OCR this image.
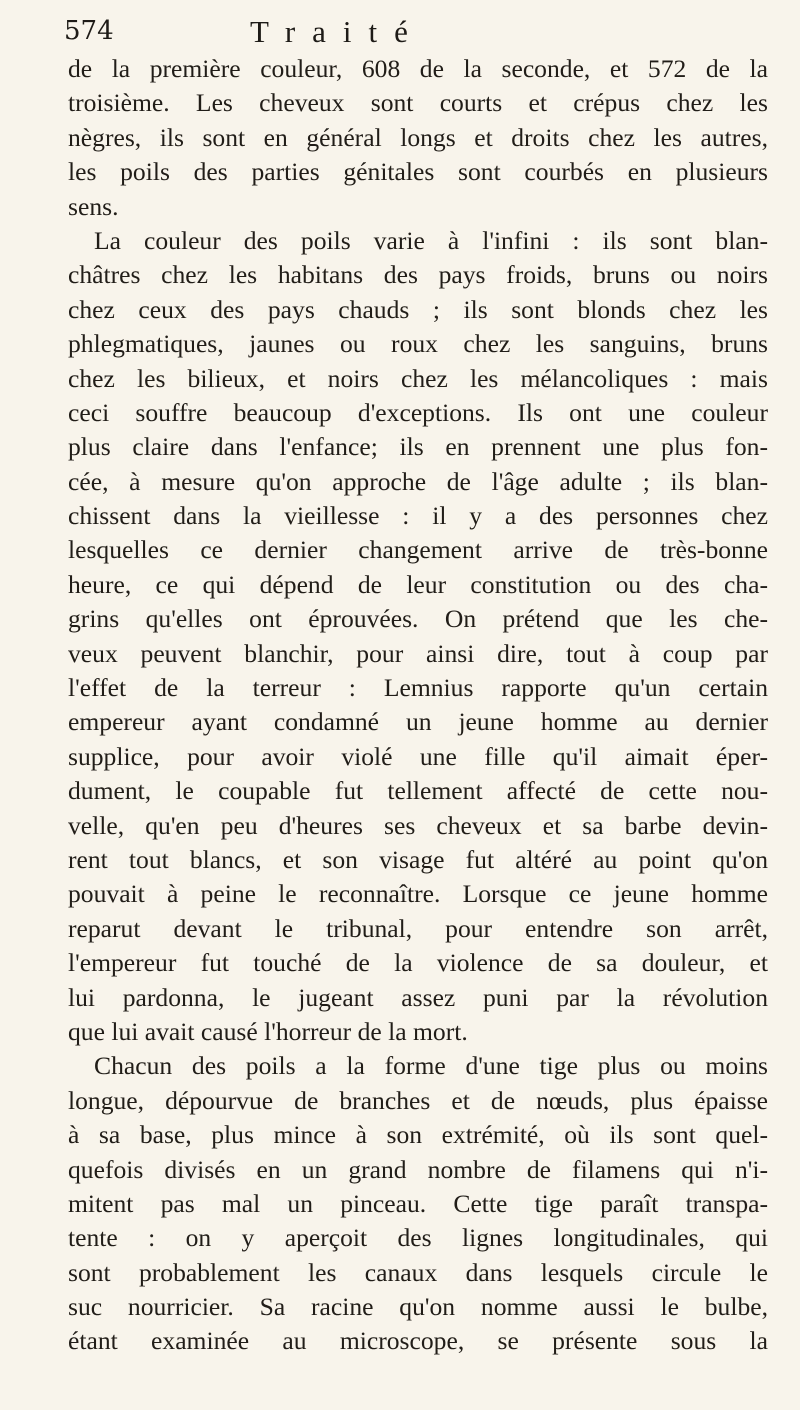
574	Traité
de la première couleur, 608 de la seconde, et 572 de la
troisième. Les cheveux sont courts et crépus chez les
nègres, ils sont en général longs et droits chez les autres,
les poils des parties génitales sont courbés en plusieurs
sens.
La couleur des poils varie à l'infini : ils sont blan-
châtres chez les habitans des pays froids, bruns ou noirs
chez ceux des pays chauds ; ils sont blonds chez les
phlegmatiques, jaunes ou roux chez les sanguins, bruns
chez les bilieux, et noirs chez les mélancoliques : mais
ceci souffre beaucoup d'exceptions. Ils ont une couleur
plus claire dans l'enfance; ils en prennent une plus fon-
cée, à mesure qu'on approche de l'âge adulte ; ils blan-
chissent dans la vieillesse : il y a des personnes chez
lesquelles ce dernier changement arrive de très-bonne
heure, ce qui dépend de leur constitution ou des cha-
grins qu'elles ont éprouvées. On prétend que les che-
veux peuvent blanchir, pour ainsi dire, tout à coup par
l'effet de la terreur : Lemnius rapporte qu'un certain
empereur ayant condamné un jeune homme au dernier
supplice, pour avoir violé une fille qu'il aimait éper-
dument, le coupable fut tellement affecté de cette nou-
velle, qu'en peu d'heures ses cheveux et sa barbe devin-
rent tout blancs, et son visage fut altéré au point qu'on
pouvait à peine le reconnaître. Lorsque ce jeune homme
reparut devant le tribunal, pour entendre son arrêt,
l'empereur fut touché de la violence de sa douleur, et
lui pardonna, le jugeant assez puni par la révolution
que lui avait causé l'horreur de la mort.
Chacun des poils a la forme d'une tige plus ou moins
longue, dépourvue de branches et de nœuds, plus épaisse
à sa base, plus mince à son extrémité, où ils sont quel-
quefois divisés en un grand nombre de filamens qui n'i-
mitent pas mal un pinceau. Cette tige paraît transpa-
tente : on y aperçoit des lignes longitudinales, qui
sont probablement les canaux dans lesquels circule le
suc nourricier. Sa racine qu'on nomme aussi le bulbe,
étant examinée au microscope, se présente sous la
